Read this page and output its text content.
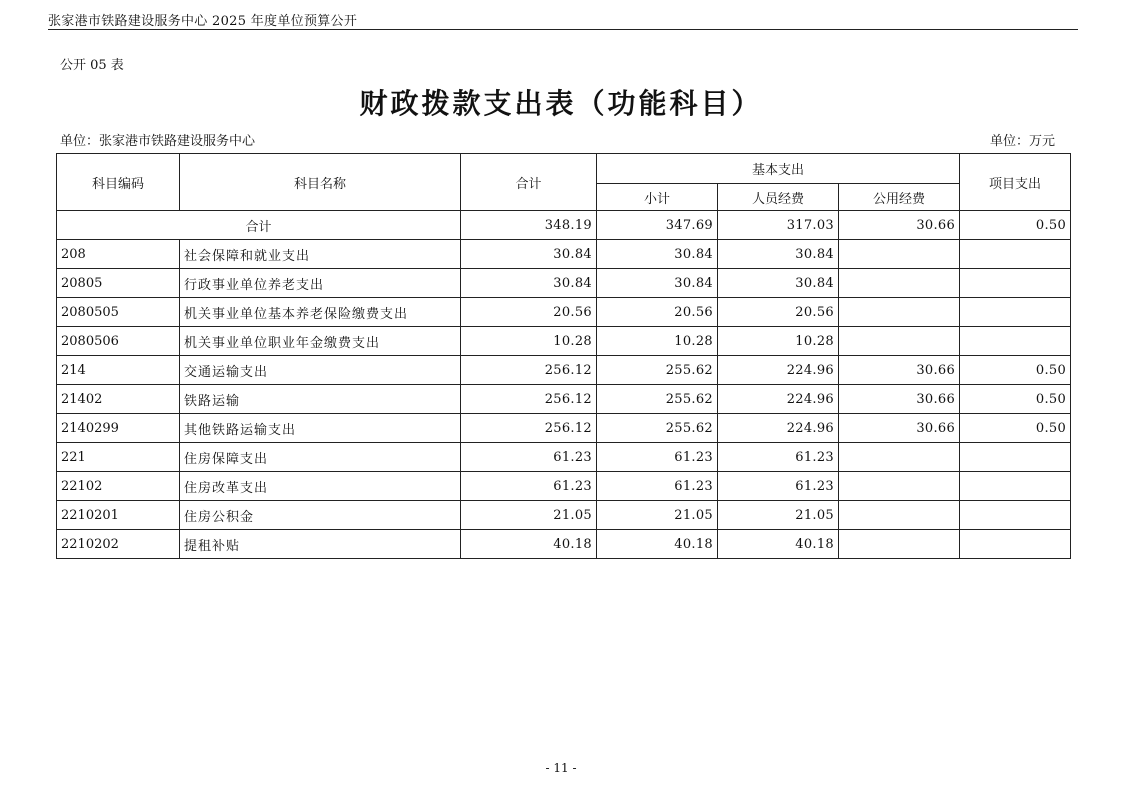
张家港市铁路建设服务中心 2025 年度单位预算公开
公开 05 表
财政拨款支出表（功能科目）
单位：张家港市铁路建设服务中心	单位：万元
科目编码	科目名称	合计	基本支出			项目支出
			小计	人员经费	公用经费	
合计		348.19	347.69	317.03	30.66	0.50
208	社会保障和就业支出	30.84	30.84	30.84		
20805	行政事业单位养老支出	30.84	30.84	30.84		
2080505	机关事业单位基本养老保险缴费支出	20.56	20.56	20.56		
2080506	机关事业单位职业年金缴费支出	10.28	10.28	10.28		
214	交通运输支出	256.12	255.62	224.96	30.66	0.50
21402	铁路运输	256.12	255.62	224.96	30.66	0.50
2140299	其他铁路运输支出	256.12	255.62	224.96	30.66	0.50
221	住房保障支出	61.23	61.23	61.23		
22102	住房改革支出	61.23	61.23	61.23		
2210201	住房公积金	21.05	21.05	21.05		
2210202	提租补贴	40.18	40.18	40.18		
- 11 -
